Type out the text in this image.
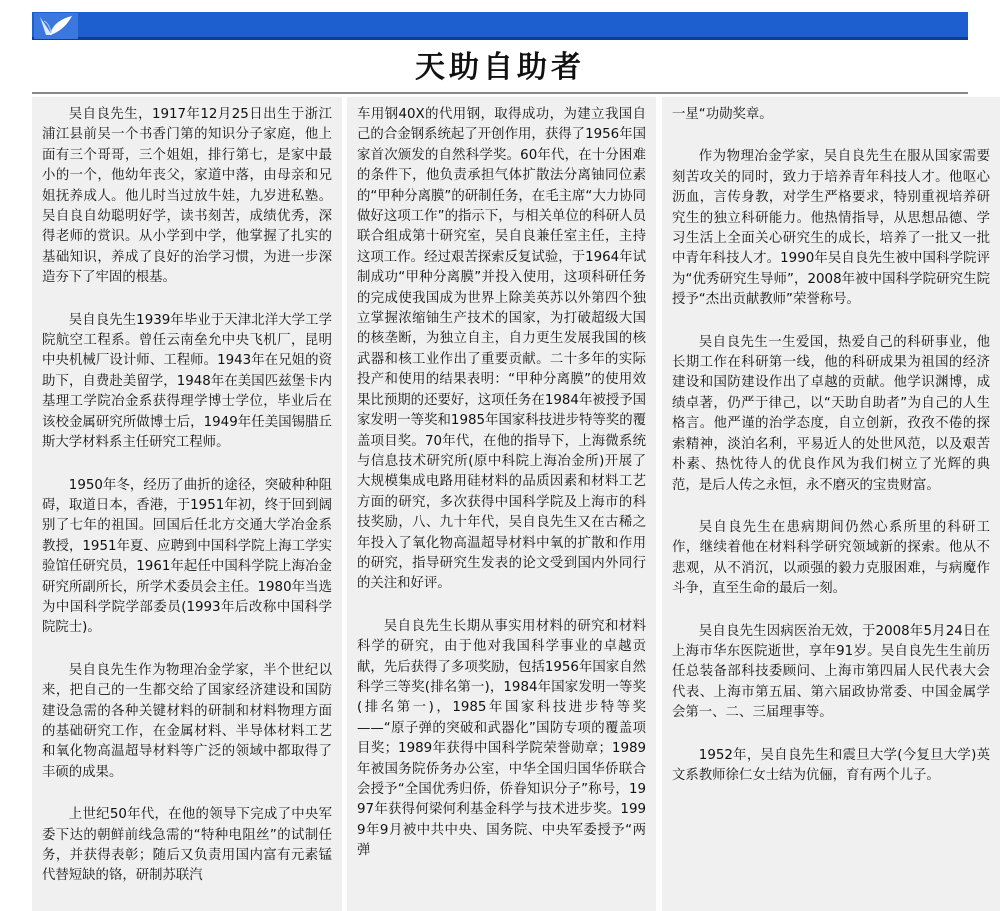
天助自助者

吴自良先生，1917年12月25日出生于浙江浦江县前吴一个书香门第的知识分子家庭，他上面有三个哥哥，三个姐姐，排行第七，是家中最小的一个，他幼年丧父，家道中落，由母亲和兄姐抚养成人。他儿时当过放牛娃，九岁进私塾。吴自良自幼聪明好学，读书刻苦，成绩优秀，深得老师的赏识。从小学到中学，他掌握了扎实的基础知识，养成了良好的治学习惯，为进一步深造夯下了牢固的根基。

吴自良先生1939年毕业于天津北洋大学工学院航空工程系。曾任云南垒允中央飞机厂，昆明中央机械厂设计师、工程师。1943年在兄姐的资助下，自费赴美留学，1948年在美国匹兹堡卡内基理工学院冶金系获得理学博士学位，毕业后在该校金属研究所做博士后，1949年任美国锡腊丘斯大学材料系主任研究工程师。

1950年冬，经历了曲折的途径，突破种种阻碍，取道日本，香港，于1951年初，终于回到阔别了七年的祖国。回国后任北方交通大学冶金系教授，1951年夏、应聘到中国科学院上海工学实验馆任研究员，1961年起任中国科学院上海冶金研究所副所长，所学术委员会主任。1980年当选为中国科学院学部委员(1993年后改称中国科学院院士)。

吴自良先生作为物理冶金学家，半个世纪以来，把自己的一生都交给了国家经济建设和国防建设急需的各种关键材料的研制和材料物理方面的基础研究工作，在金属材料、半导体材料工艺和氧化物高温超导材料等广泛的领域中都取得了丰硕的成果。

上世纪50年代，在他的领导下完成了中央军委下达的朝鲜前线急需的“特种电阻丝”的试制任务，并获得表彰；随后又负责用国内富有元素锰代替短缺的铬，研制苏联汽

车用钢40X的代用钢，取得成功，为建立我国自己的合金钢系统起了开创作用，获得了1956年国家首次颁发的自然科学奖。60年代，在十分困难的条件下，他负责承担气体扩散法分离铀同位素的“甲种分离膜”的研制任务，在毛主席“大力协同做好这项工作”的指示下，与相关单位的科研人员联合组成第十研究室，吴自良兼任室主任，主持这项工作。经过艰苦探索反复试验，于1964年试制成功“甲种分离膜”并投入使用，这项科研任务的完成使我国成为世界上除美英苏以外第四个独立掌握浓缩铀生产技术的国家，为打破超级大国的核垄断，为独立自主，自力更生发展我国的核武器和核工业作出了重要贡献。二十多年的实际投产和使用的结果表明：“甲种分离膜”的使用效果比预期的还要好，这项任务在1984年被授予国家发明一等奖和1985年国家科技进步特等奖的覆盖项目奖。70年代，在他的指导下，上海微系统与信息技术研究所(原中科院上海冶金所)开展了大规模集成电路用硅材料的品质因素和材料工艺方面的研究，多次获得中国科学院及上海市的科技奖励，八、九十年代，吴自良先生又在古稀之年投入了氧化物高温超导材料中氧的扩散和作用的研究，指导研究生发表的论文受到国内外同行的关注和好评。

吴自良先生长期从事实用材料的研究和材料科学的研究，由于他对我国科学事业的卓越贡献，先后获得了多项奖励，包括1956年国家自然科学三等奖(排名第一)，1984年国家发明一等奖(排名第一)，1985年国家科技进步特等奖——“原子弹的突破和武器化”国防专项的覆盖项目奖；1989年获得中国科学院荣誉勋章；1989年被国务院侨务办公室，中华全国归国华侨联合会授予“全国优秀归侨，侨眷知识分子”称号，1997年获得何梁何利基金科学与技术进步奖。1999年9月被中共中央、国务院、中央军委授予“两弹

一星“功勋奖章。

作为物理冶金学家，吴自良先生在服从国家需要刻苦攻关的同时，致力于培养青年科技人才。他呕心沥血，言传身教，对学生严格要求，特别重视培养研究生的独立科研能力。他热情指导，从思想品德、学习生活上全面关心研究生的成长，培养了一批又一批中青年科技人才。1990年吴自良先生被中国科学院评为“优秀研究生导师”，2008年被中国科学院研究生院授予“杰出贡献教师”荣誉称号。

吴自良先生一生爱国，热爱自己的科研事业，他长期工作在科研第一线，他的科研成果为祖国的经济建设和国防建设作出了卓越的贡献。他学识渊博，成绩卓著，仍严于律己，以“天助自助者”为自己的人生格言。他严谨的治学态度，自立创新，孜孜不倦的探索精神，淡泊名利，平易近人的处世风范，以及艰苦朴素、热忱待人的优良作风为我们树立了光辉的典范，是后人传之永恒，永不磨灭的宝贵财富。

吴自良先生在患病期间仍然心系所里的科研工作，继续着他在材料科学研究领域新的探索。他从不悲观，从不消沉，以顽强的毅力克服困难，与病魔作斗争，直至生命的最后一刻。

吴自良先生因病医治无效，于2008年5月24日在上海市华东医院逝世，享年91岁。吴自良先生生前历任总装备部科技委顾问、上海市第四届人民代表大会代表、上海市第五届、第六届政协常委、中国金属学会第一、二、三届理事等。

1952年，吴自良先生和震旦大学(今复旦大学)英文系教师徐仁女士结为伉俪，育有两个儿子。
